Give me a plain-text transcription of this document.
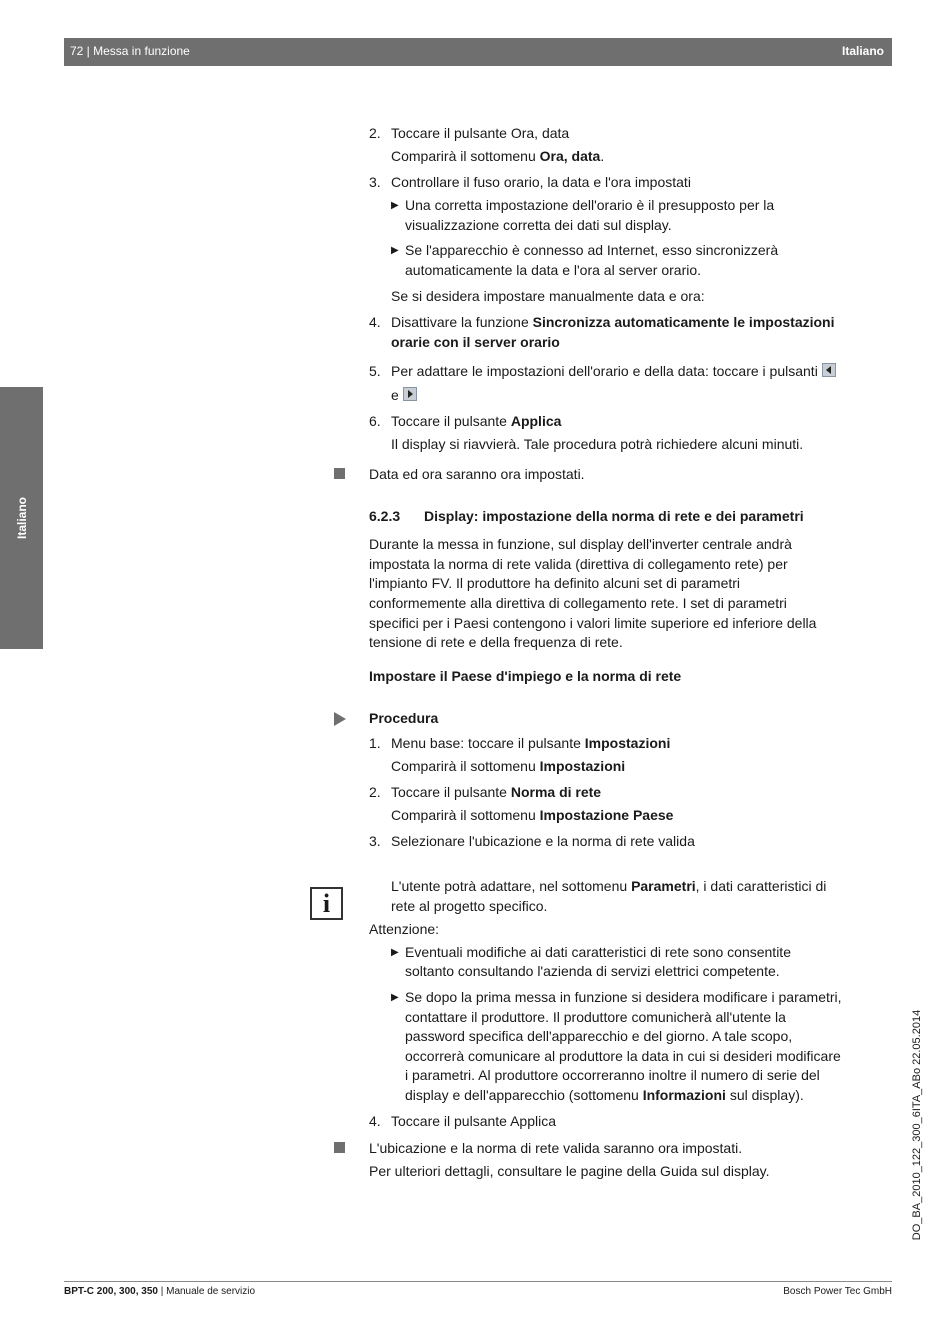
72 | Messa in funzione	Italiano
Italiano
DO_BA_2010_122_300_6ITA_ABo 22.05.2014
2. Toccare il pulsante Ora, data
Comparirà il sottomenu Ora, data.
3. Controllare il fuso orario, la data e l'ora impostati
▶ Una corretta impostazione dell'orario è il presupposto per la
visualizzazione corretta dei dati sul display.
▶ Se l'apparecchio è connesso ad Internet, esso sincronizzerà
automaticamente la data e l'ora al server orario.
Se si desidera impostare manualmente data e ora:
4. Disattivare la funzione Sincronizza automaticamente le impostazioni
orarie con il server orario
5. Per adattare le impostazioni dell'orario e della data: toccare i pulsanti
e
6. Toccare il pulsante Applica
Il display si riavvierà. Tale procedura potrà richiedere alcuni minuti.
Data ed ora saranno ora impostati.
6.2.3 Display: impostazione della norma di rete e dei parametri
Durante la messa in funzione, sul display dell'inverter centrale andrà
impostata la norma di rete valida (direttiva di collegamento rete) per
l'impianto FV. Il produttore ha definito alcuni set di parametri
conformemente alla direttiva di collegamento rete. I set di parametri
specifici per i Paesi contengono i valori limite superiore ed inferiore della
tensione di rete e della frequenza di rete.
Impostare il Paese d'impiego e la norma di rete
Procedura
1. Menu base: toccare il pulsante Impostazioni
Comparirà il sottomenu Impostazioni
2. Toccare il pulsante Norma di rete
Comparirà il sottomenu Impostazione Paese
3. Selezionare l'ubicazione e la norma di rete valida
i
L'utente potrà adattare, nel sottomenu Parametri, i dati caratteristici di
rete al progetto specifico.
Attenzione:
▶ Eventuali modifiche ai dati caratteristici di rete sono consentite
soltanto consultando l'azienda di servizi elettrici competente.
▶ Se dopo la prima messa in funzione si desidera modificare i parametri,
contattare il produttore. Il produttore comunicherà all'utente la
password specifica dell'apparecchio e del giorno. A tale scopo,
occorrerà comunicare al produttore la data in cui si desideri modificare
i parametri. Al produttore occorreranno inoltre il numero di serie del
display e dell'apparecchio (sottomenu Informazioni sul display).
4. Toccare il pulsante Applica
L'ubicazione e la norma di rete valida saranno ora impostati.
Per ulteriori dettagli, consultare le pagine della Guida sul display.
BPT-C 200, 300, 350 | Manuale de servizio	Bosch Power Tec GmbH
